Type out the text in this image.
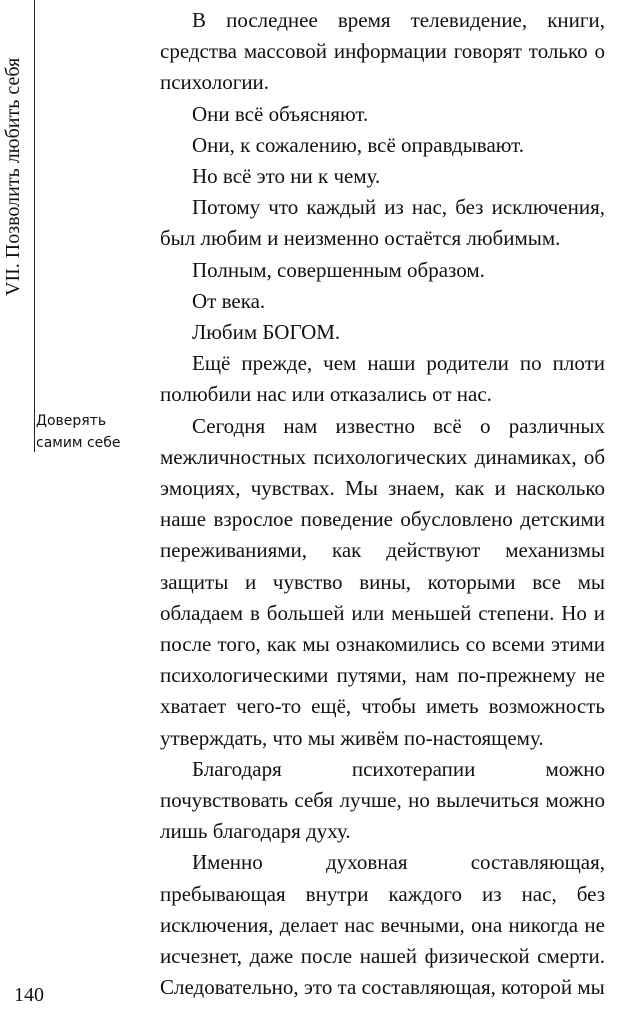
VII. Позволить любить себя
Доверять
самим себе

В последнее время телевидение, книги, средства массовой информации говорят только о психологии.

Они всё объясняют.

Они, к сожалению, всё оправдывают.

Но всё это ни к чему.

Потому что каждый из нас, без исключения, был любим и неизменно остаётся любимым.

Полным, совершенным образом.

От века.

Любим БОГОМ.

Ещё прежде, чем наши родители по плоти полюбили нас или отказались от нас.

Сегодня нам известно всё о различных межличностных психологических динамиках, об эмоциях, чувствах. Мы знаем, как и насколько наше взрослое поведение обусловлено детскими переживаниями, как действуют механизмы защиты и чувство вины, которыми все мы обладаем в большей или меньшей степени. Но и после того, как мы ознакомились со всеми этими психологическими путями, нам по-прежнему не хватает чего-то ещё, чтобы иметь возможность утверждать, что мы живём по-настоящему.

Благодаря психотерапии можно почувствовать себя лучше, но вылечиться можно лишь благодаря духу.

Именно духовная составляющая, пребывающая внутри каждого из нас, без исключения, делает нас вечными, она никогда не исчезнет, даже после нашей физической смерти. Следовательно, это та составляющая, которой мы

140
